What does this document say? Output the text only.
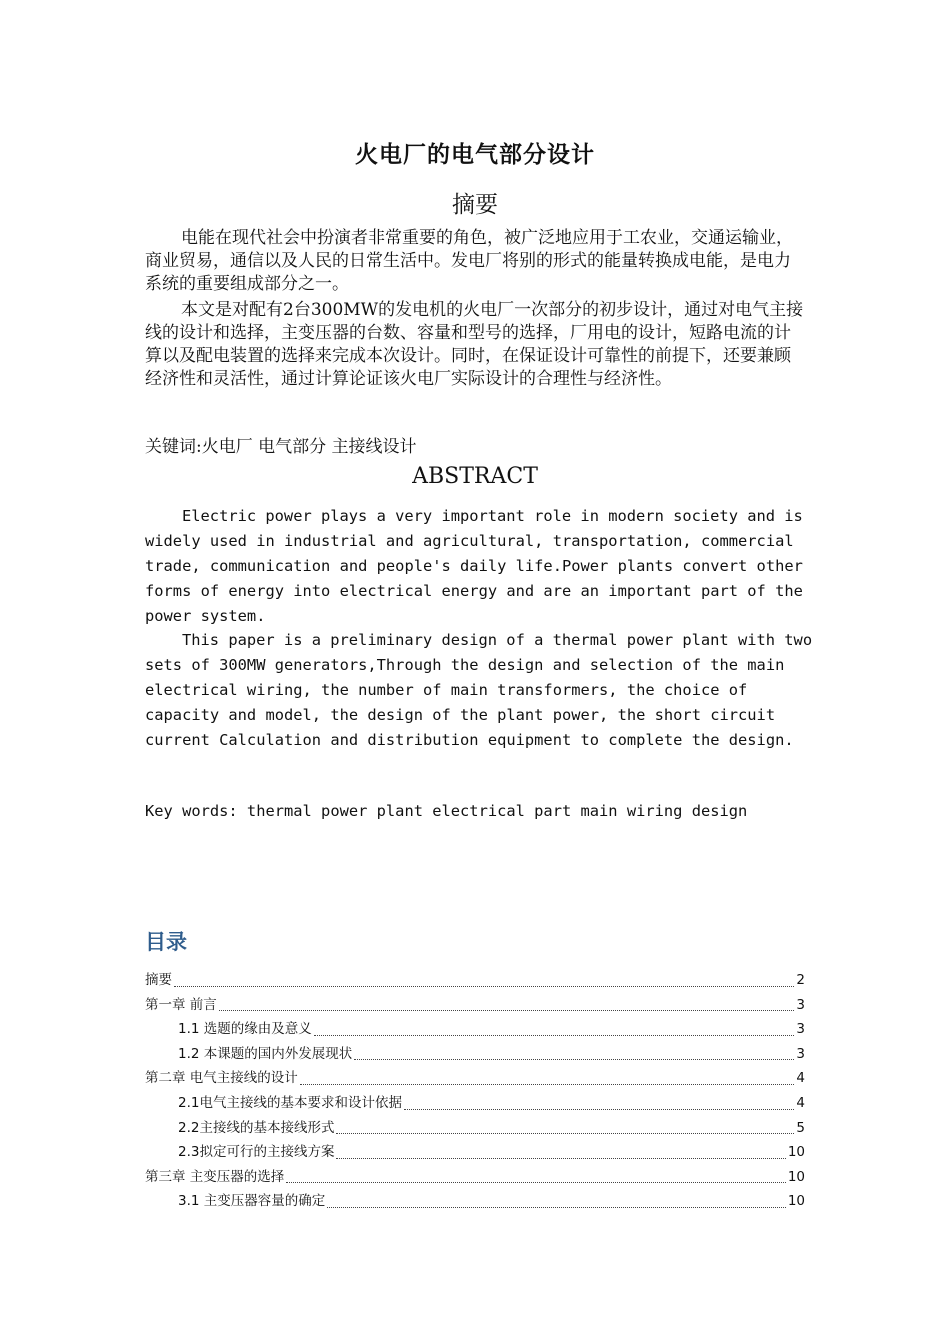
火电厂的电气部分设计
摘要

电能在现代社会中扮演者非常重要的角色，被广泛地应用于工农业，交通运输业，商业贸易，通信以及人民的日常生活中。发电厂将别的形式的能量转换成电能，是电力系统的重要组成部分之一。

本文是对配有2台300MW的发电机的火电厂一次部分的初步设计，通过对电气主接线的设计和选择，主变压器的台数、容量和型号的选择，厂用电的设计，短路电流的计算以及配电装置的选择来完成本次设计。同时，在保证设计可靠性的前提下，还要兼顾经济性和灵活性，通过计算论证该火电厂实际设计的合理性与经济性。

关键词:火电厂 电气部分 主接线设计
ABSTRACT

Electric power plays a very important role in modern society and is widely used in industrial and agricultural, transportation, commercial trade, communication and people's daily life.Power plants convert other forms of energy into electrical energy and are an important part of the power system.

This paper is a preliminary design of a thermal power plant with two sets of 300MW generators,Through the design and selection of the main electrical wiring, the number of main transformers, the choice of capacity and model, the design of the plant power, the short circuit current Calculation and distribution equipment to complete the design.

Key words: thermal power plant electrical part main wiring design
目录
摘要	2
第一章 前言	3
1.1 选题的缘由及意义	3
1.2 本课题的国内外发展现状	3
第二章 电气主接线的设计	4
2.1电气主接线的基本要求和设计依据	4
2.2主接线的基本接线形式	5
2.3拟定可行的主接线方案	10
第三章 主变压器的选择	10
3.1 主变压器容量的确定	10
